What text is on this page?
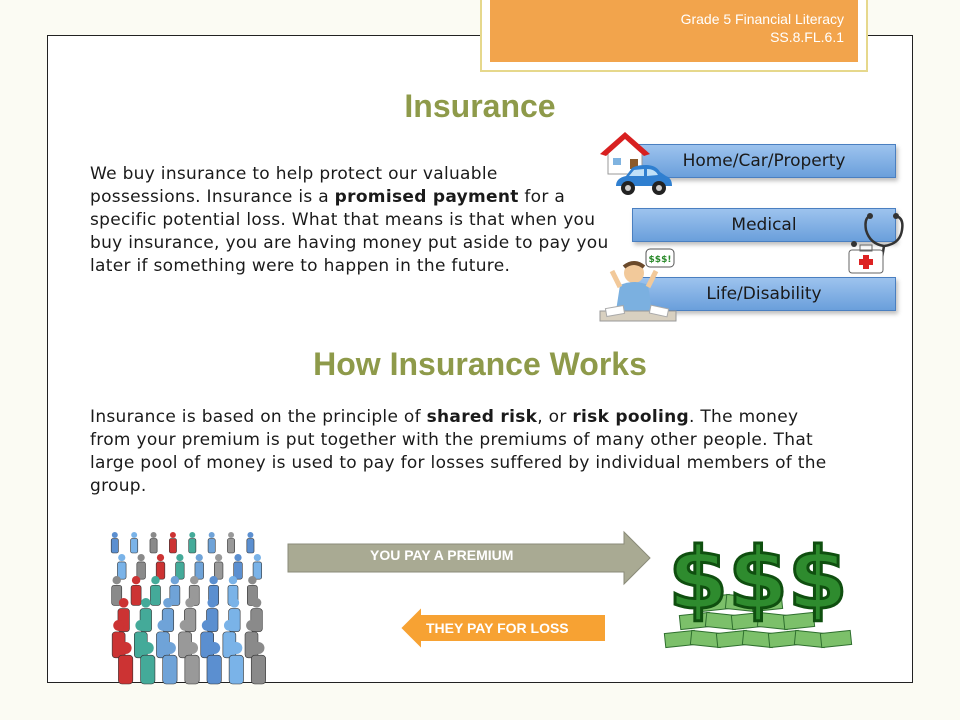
Grade 5 Financial Literacy
SS.8.FL.6.1
Insurance
We buy insurance to help protect our valuable possessions. Insurance is a promised payment for a specific potential loss. What that means is that when you buy insurance, you are having money put aside to pay you later if something were to happen in the future.
Home/Car/Property
Medical
Life/Disability
$$$!
How Insurance Works
Insurance is based on the principle of shared risk, or risk pooling. The money from your premium is put together with the premiums of many other people. That large pool of money is used to pay for losses suffered by individual members of the group.
YOU PAY A PREMIUM
THEY PAY FOR LOSS $$$
